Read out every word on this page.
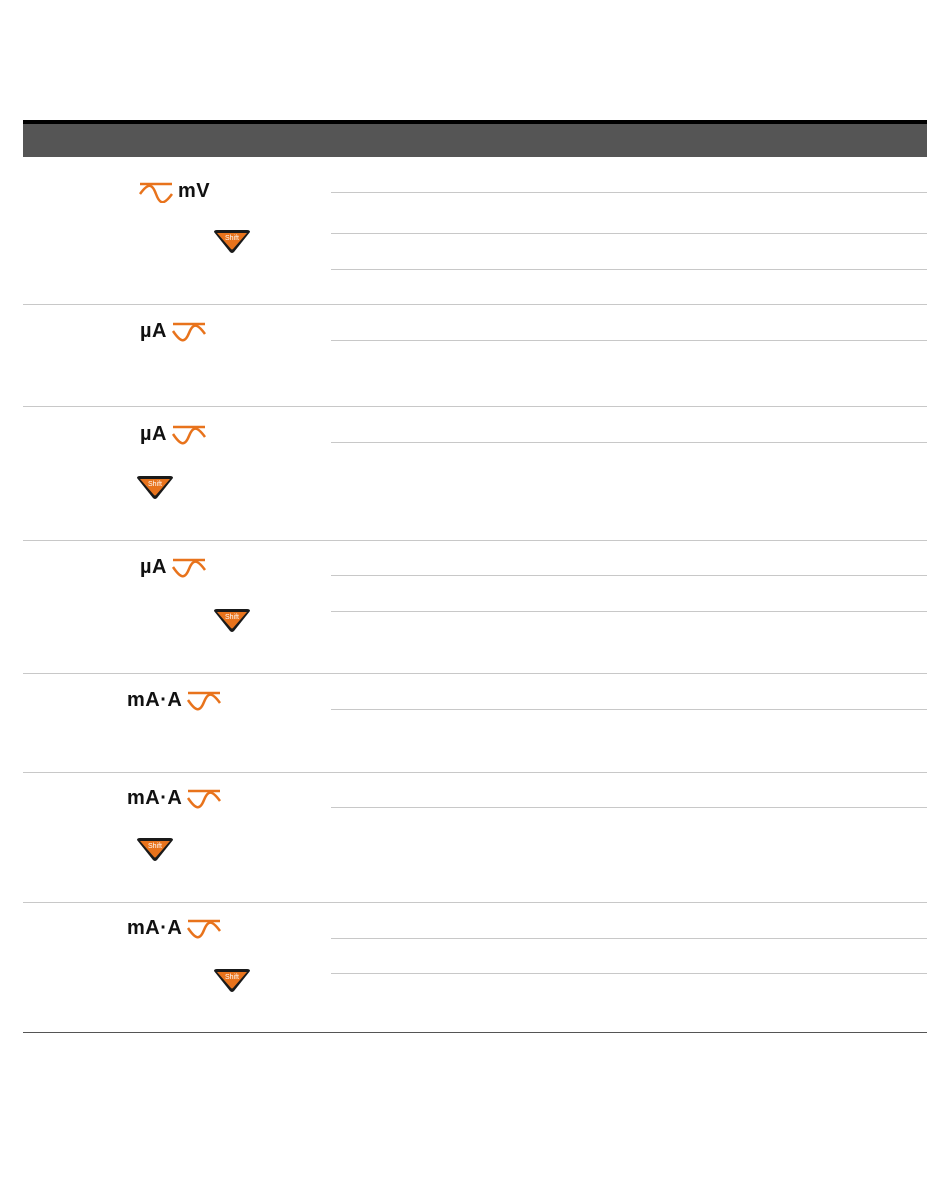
mV
Shift
µA
µA
Shift
µA
Shift
mA·A
mA·A
Shift
mA·A
Shift
